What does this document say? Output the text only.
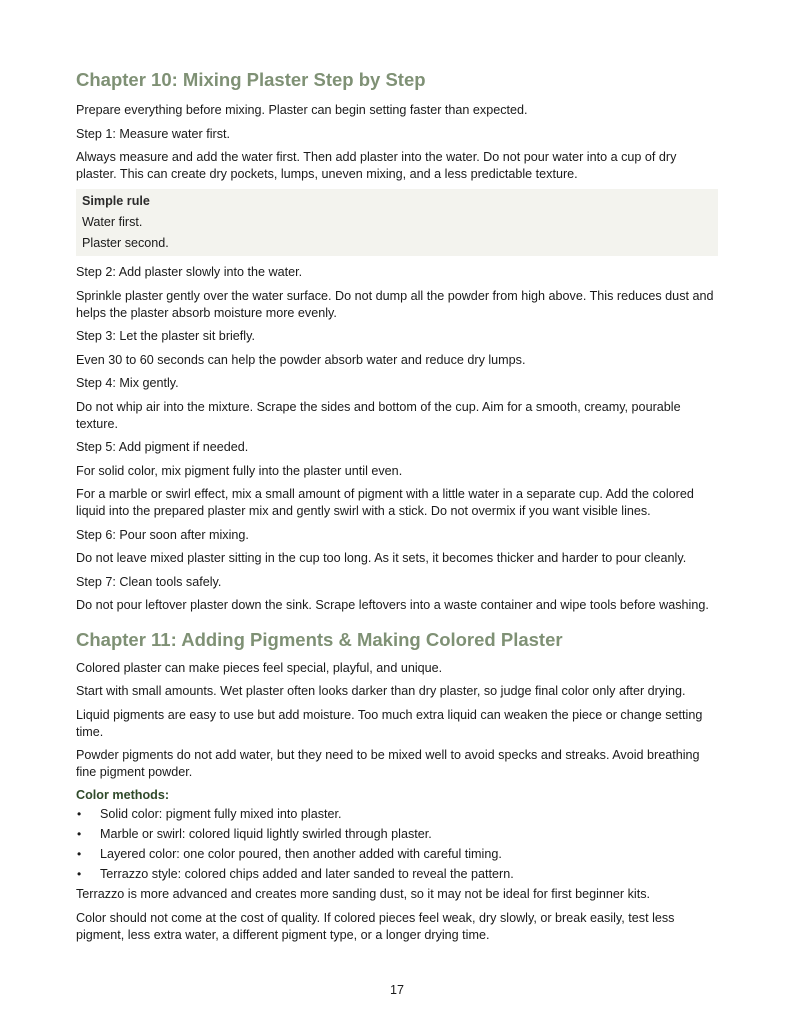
Chapter 10: Mixing Plaster Step by Step

Prepare everything before mixing. Plaster can begin setting faster than expected.

Step 1: Measure water first.

Always measure and add the water first. Then add plaster into the water. Do not pour water into a cup of dry plaster. This can create dry pockets, lumps, uneven mixing, and a less predictable texture.

Simple rule
Water first.
Plaster second.

Step 2: Add plaster slowly into the water.

Sprinkle plaster gently over the water surface. Do not dump all the powder from high above. This reduces dust and helps the plaster absorb moisture more evenly.

Step 3: Let the plaster sit briefly.

Even 30 to 60 seconds can help the powder absorb water and reduce dry lumps.

Step 4: Mix gently.

Do not whip air into the mixture. Scrape the sides and bottom of the cup. Aim for a smooth, creamy, pourable texture.

Step 5: Add pigment if needed.

For solid color, mix pigment fully into the plaster until even.

For a marble or swirl effect, mix a small amount of pigment with a little water in a separate cup. Add the colored liquid into the prepared plaster mix and gently swirl with a stick. Do not overmix if you want visible lines.

Step 6: Pour soon after mixing.

Do not leave mixed plaster sitting in the cup too long. As it sets, it becomes thicker and harder to pour cleanly.

Step 7: Clean tools safely.

Do not pour leftover plaster down the sink. Scrape leftovers into a waste container and wipe tools before washing.

Chapter 11: Adding Pigments & Making Colored Plaster

Colored plaster can make pieces feel special, playful, and unique.

Start with small amounts. Wet plaster often looks darker than dry plaster, so judge final color only after drying.

Liquid pigments are easy to use but add moisture. Too much extra liquid can weaken the piece or change setting time.

Powder pigments do not add water, but they need to be mixed well to avoid specks and streaks. Avoid breathing fine pigment powder.

Color methods:
• Solid color: pigment fully mixed into plaster.
• Marble or swirl: colored liquid lightly swirled through plaster.
• Layered color: one color poured, then another added with careful timing.
• Terrazzo style: colored chips added and later sanded to reveal the pattern.

Terrazzo is more advanced and creates more sanding dust, so it may not be ideal for first beginner kits.

Color should not come at the cost of quality. If colored pieces feel weak, dry slowly, or break easily, test less pigment, less extra water, a different pigment type, or a longer drying time.

17
